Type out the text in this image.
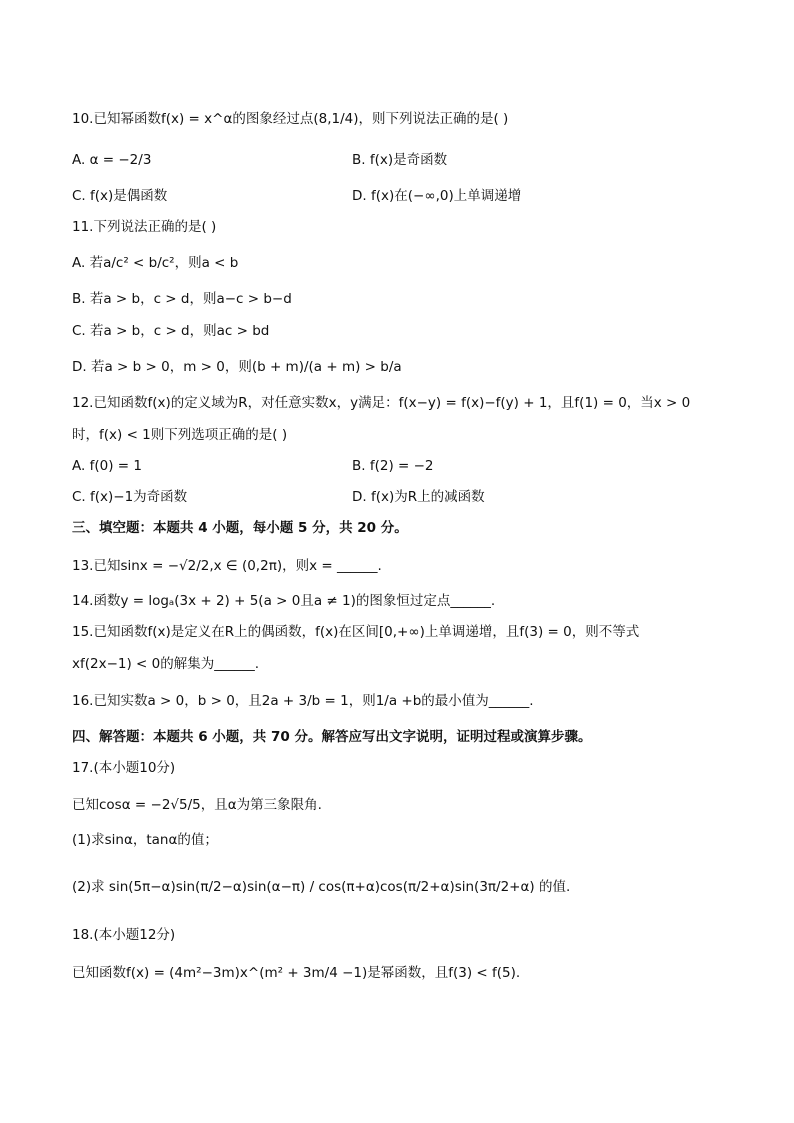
10.已知幂函数f(x) = x^α的图象经过点(8,1/4)，则下列说法正确的是( )
A. α = −2/3	B. f(x)是奇函数
C. f(x)是偶函数	D. f(x)在(−∞,0)上单调递增
11.下列说法正确的是( )
A. 若a/c² < b/c²，则a < b
B. 若a > b，c > d，则a−c > b−d
C. 若a > b，c > d，则ac > bd
D. 若a > b > 0，m > 0，则(b + m)/(a + m) > b/a
12.已知函数f(x)的定义域为R，对任意实数x，y满足：f(x−y) = f(x)−f(y) + 1，且f(1) = 0，当x > 0
时，f(x) < 1则下列选项正确的是( )
A. f(0) = 1	B. f(2) = −2
C. f(x)−1为奇函数	D. f(x)为R上的减函数
三、填空题：本题共 4 小题，每小题 5 分，共 20 分。
13.已知sinx = −√2/2,x ∈ (0,2π)，则x = ______.
14.函数y = logₐ(3x + 2) + 5(a > 0且a ≠ 1)的图象恒过定点______.
15.已知函数f(x)是定义在R上的偶函数，f(x)在区间[0,+∞)上单调递增，且f(3) = 0，则不等式
xf(2x−1) < 0的解集为______.
16.已知实数a > 0，b > 0，且2a + 3/b = 1，则1/a +b的最小值为______.
四、解答题：本题共 6 小题，共 70 分。解答应写出文字说明，证明过程或演算步骤。
17.(本小题10分)
已知cosα = −2√5/5，且α为第三象限角.
(1)求sinα，tanα的值；
(2)求 sin(5π−α)sin(π/2−α)sin(α−π) / cos(π+α)cos(π/2+α)sin(3π/2+α) 的值.
18.(本小题12分)
已知函数f(x) = (4m²−3m)x^(m² + 3m/4 −1)是幂函数，且f(3) < f(5).
